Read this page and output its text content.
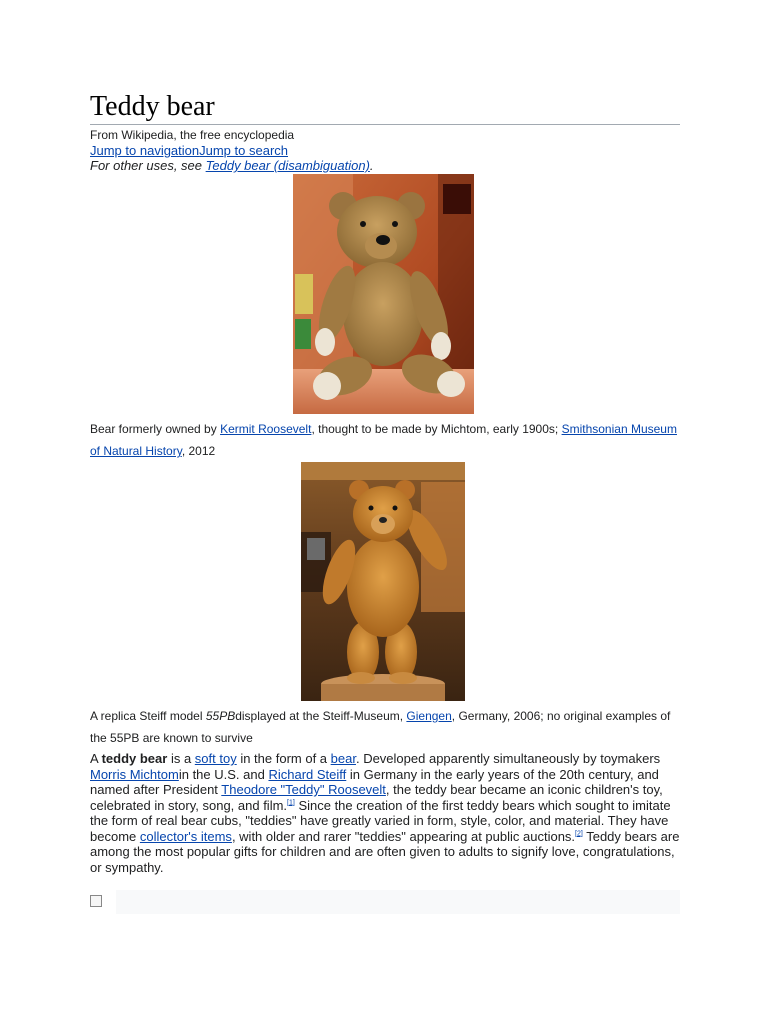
Teddy bear
From Wikipedia, the free encyclopedia
Jump to navigationJump to search
For other uses, see Teddy bear (disambiguation).
Bear formerly owned by Kermit Roosevelt, thought to be made by Michtom, early 1900s; Smithsonian Museum of Natural History, 2012
A replica Steiff model 55PBdisplayed at the Steiff-Museum, Giengen, Germany, 2006; no original examples of the 55PB are known to survive
A teddy bear is a soft toy in the form of a bear. Developed apparently simultaneously by toymakers Morris Michtomin the U.S. and Richard Steiff in Germany in the early years of the 20th century, and named after President Theodore "Teddy" Roosevelt, the teddy bear became an iconic children's toy, celebrated in story, song, and film.[1] Since the creation of the first teddy bears which sought to imitate the form of real bear cubs, "teddies" have greatly varied in form, style, color, and material. They have become collector's items, with older and rarer "teddies" appearing at public auctions.[2] Teddy bears are among the most popular gifts for children and are often given to adults to signify love, congratulations, or sympathy.
